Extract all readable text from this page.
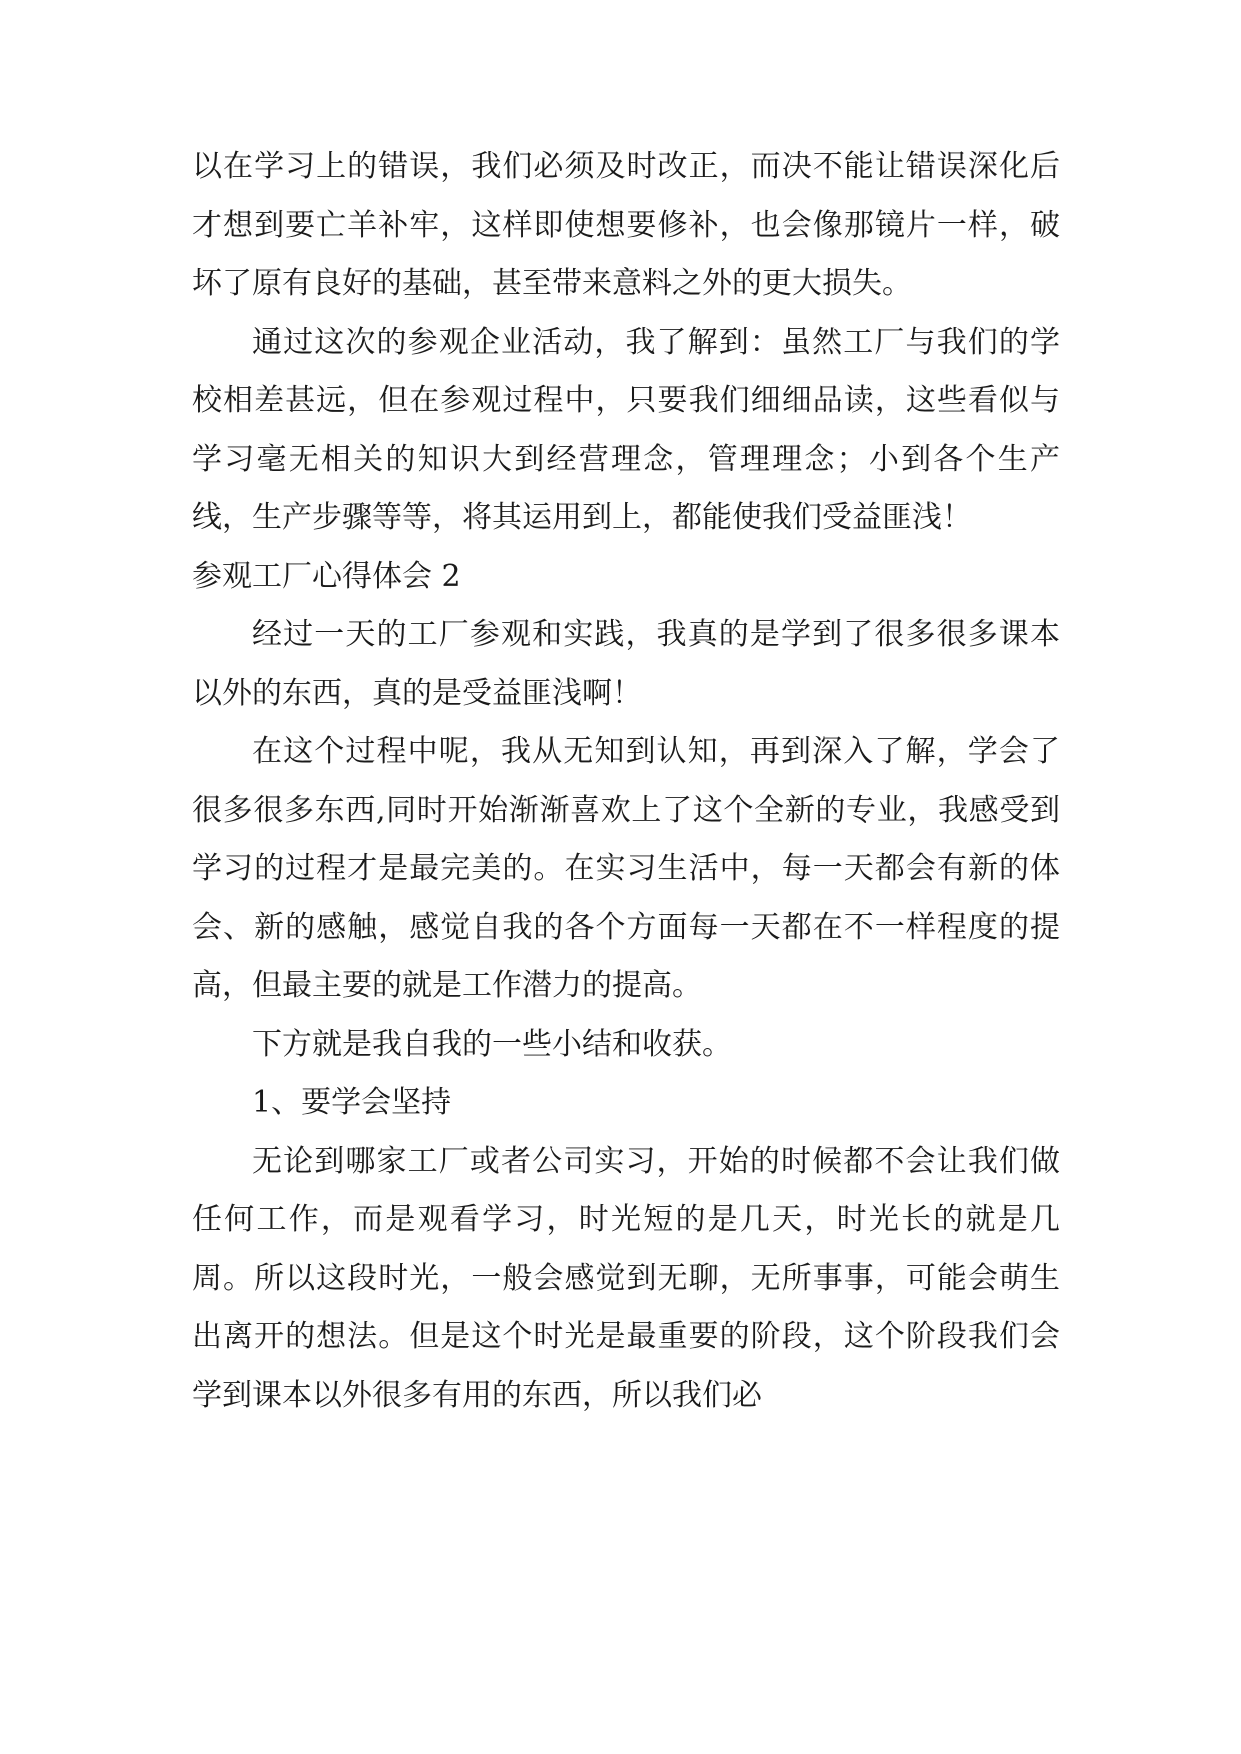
以在学习上的错误，我们必须及时改正，而决不能让错误深化后才想到要亡羊补牢，这样即使想要修补，也会像那镜片一样，破坏了原有良好的基础，甚至带来意料之外的更大损失。

通过这次的参观企业活动，我了解到：虽然工厂与我们的学校相差甚远，但在参观过程中，只要我们细细品读，这些看似与学习毫无相关的知识大到经营理念，管理理念；小到各个生产线，生产步骤等等，将其运用到上，都能使我们受益匪浅！

参观工厂心得体会 2

经过一天的工厂参观和实践，我真的是学到了很多很多课本以外的东西，真的是受益匪浅啊！

在这个过程中呢，我从无知到认知，再到深入了解，学会了很多很多东西,同时开始渐渐喜欢上了这个全新的专业，我感受到学习的过程才是最完美的。在实习生活中，每一天都会有新的体会、新的感触，感觉自我的各个方面每一天都在不一样程度的提高，但最主要的就是工作潜力的提高。

下方就是我自我的一些小结和收获。

1、要学会坚持

无论到哪家工厂或者公司实习，开始的时候都不会让我们做任何工作，而是观看学习，时光短的是几天，时光长的就是几周。所以这段时光，一般会感觉到无聊，无所事事，可能会萌生出离开的想法。但是这个时光是最重要的阶段，这个阶段我们会学到课本以外很多有用的东西，所以我们必
